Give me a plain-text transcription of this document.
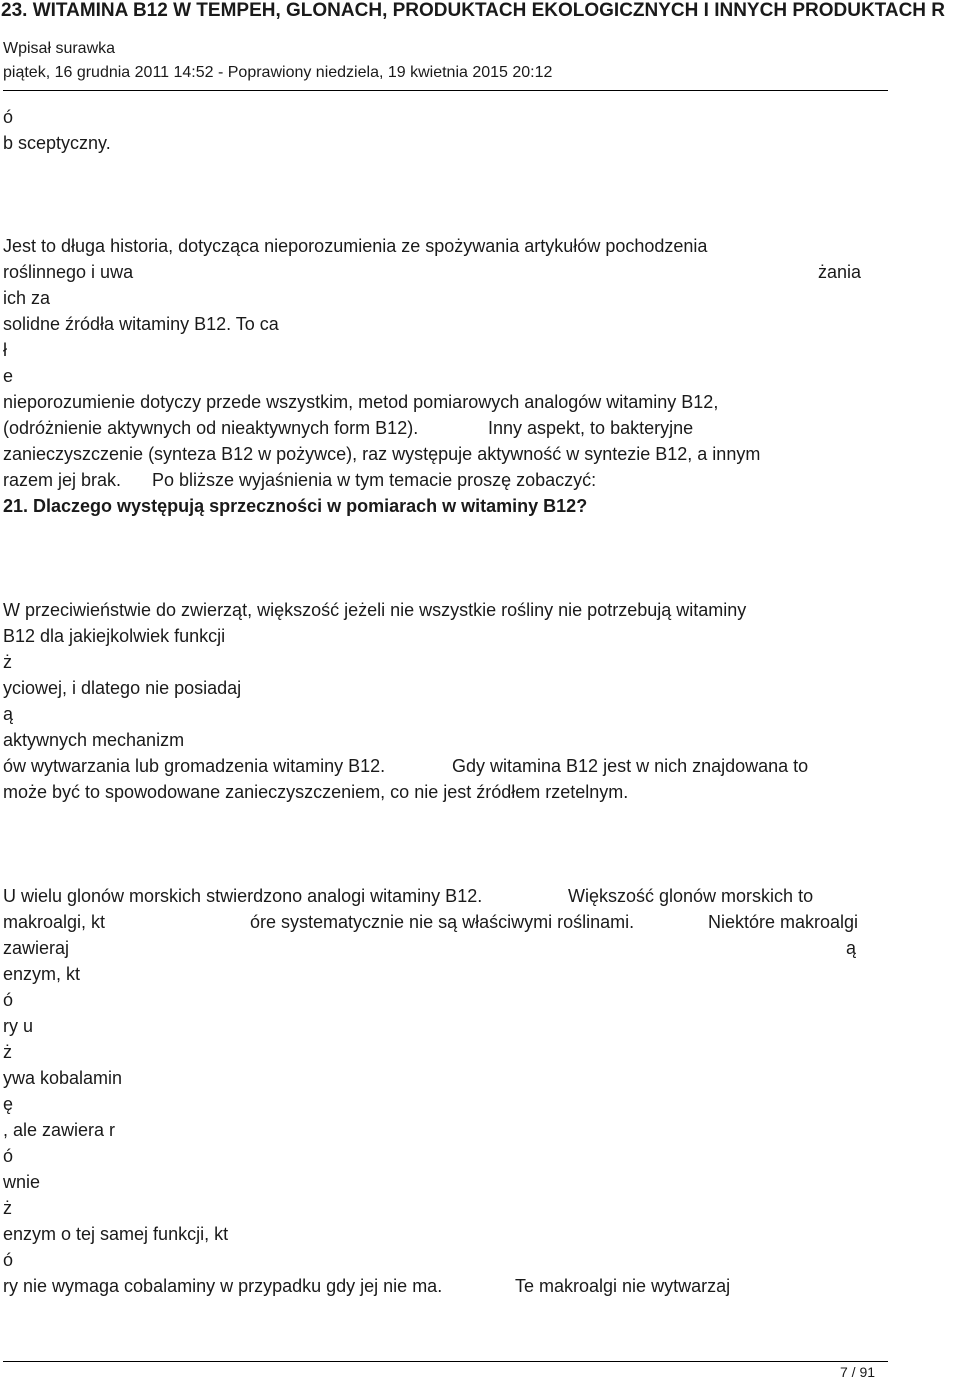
23. WITAMINA B12 W TEMPEH, GLONACH, PRODUKTACH EKOLOGICZNYCH I INNYCH PRODUKTACH R
Wpisał surawka
piątek, 16 grudnia 2011 14:52 - Poprawiony niedziela, 19 kwietnia 2015 20:12
ó
b sceptyczny.
Jest to długa historia, dotycząca nieporozumienia ze spożywania artykułów pochodzenia
roślinnego i uwa	żania
ich za
solidne źródła witaminy B12. To ca
ł
e
nieporozumienie dotyczy przede wszystkim, metod pomiarowych analogów witaminy B12,
(odróżnienie aktywnych od nieaktywnych form B12).	Inny aspekt, to bakteryjne
zanieczyszczenie (synteza B12 w pożywce), raz występuje aktywność w syntezie B12, a innym
razem jej brak. Po bliższe wyjaśnienia w tym temacie proszę zobaczyć:
21. Dlaczego występują sprzeczności w pomiarach w witaminy B12?
W przeciwieństwie do zwierząt, większość jeżeli nie wszystkie rośliny nie potrzebują witaminy
B12 dla jakiejkolwiek funkcji
ż
yciowej, i dlatego nie posiadaj
ą
aktywnych mechanizm
ów wytwarzania lub gromadzenia witaminy B12.	Gdy witamina B12 jest w nich znajdowana to
może być to spowodowane zanieczyszczeniem, co nie jest źródłem rzetelnym.
U wielu glonów morskich stwierdzono analogi witaminy B12.	Większość glonów morskich to
makroalgi, kt	óre systematycznie nie są właściwymi roślinami.	Niektóre makroalgi
zawieraj	ą
enzym, kt
ó
ry u
ż
ywa kobalamin
ę
, ale zawiera r
ó
wnie
ż
enzym o tej samej funkcji, kt
ó
ry nie wymaga cobalaminy w przypadku gdy jej nie ma.	Te makroalgi nie wytwarzaj
7 / 91
